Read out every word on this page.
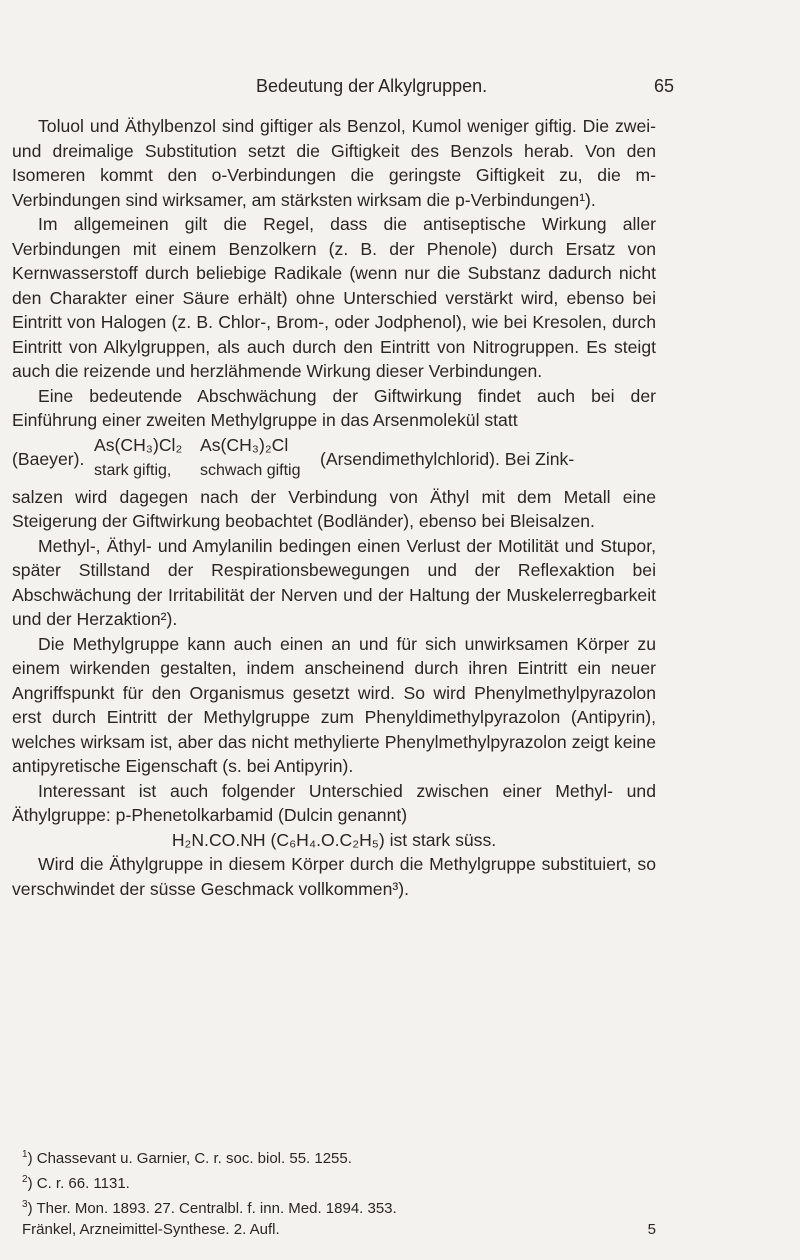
Bedeutung der Alkylgruppen.	65

Toluol und Äthylbenzol sind giftiger als Benzol, Kumol weniger giftig. Die zwei- und dreimalige Substitution setzt die Giftigkeit des Benzols herab. Von den Isomeren kommt den o-Verbindungen die geringste Giftigkeit zu, die m-Verbindungen sind wirksamer, am stärksten wirksam die p-Verbindungen¹).

Im allgemeinen gilt die Regel, dass die antiseptische Wirkung aller Verbindungen mit einem Benzolkern (z. B. der Phenole) durch Ersatz von Kernwasserstoff durch beliebige Radikale (wenn nur die Substanz dadurch nicht den Charakter einer Säure erhält) ohne Unterschied verstärkt wird, ebenso bei Eintritt von Halogen (z. B. Chlor-, Brom-, oder Jodphenol), wie bei Kresolen, durch Eintritt von Alkylgruppen, als auch durch den Eintritt von Nitrogruppen. Es steigt auch die reizende und herzlähmende Wirkung dieser Verbindungen.

Eine bedeutende Abschwächung der Giftwirkung findet auch bei der Einführung einer zweiten Methylgruppe in das Arsenmolekül statt

(Baeyer).
As(CH₃)Cl₂ As(CH₃)₂Cl
stark giftig, schwach giftig
(Arsendimethylchlorid). Bei Zink-

salzen wird dagegen nach der Verbindung von Äthyl mit dem Metall eine Steigerung der Giftwirkung beobachtet (Bodländer), ebenso bei Bleisalzen.

Methyl-, Äthyl- und Amylanilin bedingen einen Verlust der Motilität und Stupor, später Stillstand der Respirationsbewegungen und der Reflexaktion bei Abschwächung der Irritabilität der Nerven und der Haltung der Muskelerregbarkeit und der Herzaktion²).

Die Methylgruppe kann auch einen an und für sich unwirksamen Körper zu einem wirkenden gestalten, indem anscheinend durch ihren Eintritt ein neuer Angriffspunkt für den Organismus gesetzt wird. So wird Phenylmethylpyrazolon erst durch Eintritt der Methylgruppe zum Phenyldimethylpyrazolon (Antipyrin), welches wirksam ist, aber das nicht methylierte Phenylmethylpyrazolon zeigt keine antipyretische Eigenschaft (s. bei Antipyrin).

Interessant ist auch folgender Unterschied zwischen einer Methyl- und Äthylgruppe: p-Phenetolkarbamid (Dulcin genannt)

H₂N.CO.NH (C₆H₄.O.C₂H₅) ist stark süss.

Wird die Äthylgruppe in diesem Körper durch die Methylgruppe substituiert, so verschwindet der süsse Geschmack vollkommen³).

$^1$) Chassevant u. Garnier, C. r. soc. biol. 55. 1255.
$^2$) C. r. 66. 1131.
$^3$) Ther. Mon. 1893. 27. Centralbl. f. inn. Med. 1894. 353.
Fränkel, Arzneimittel-Synthese. 2. Aufl.	5
